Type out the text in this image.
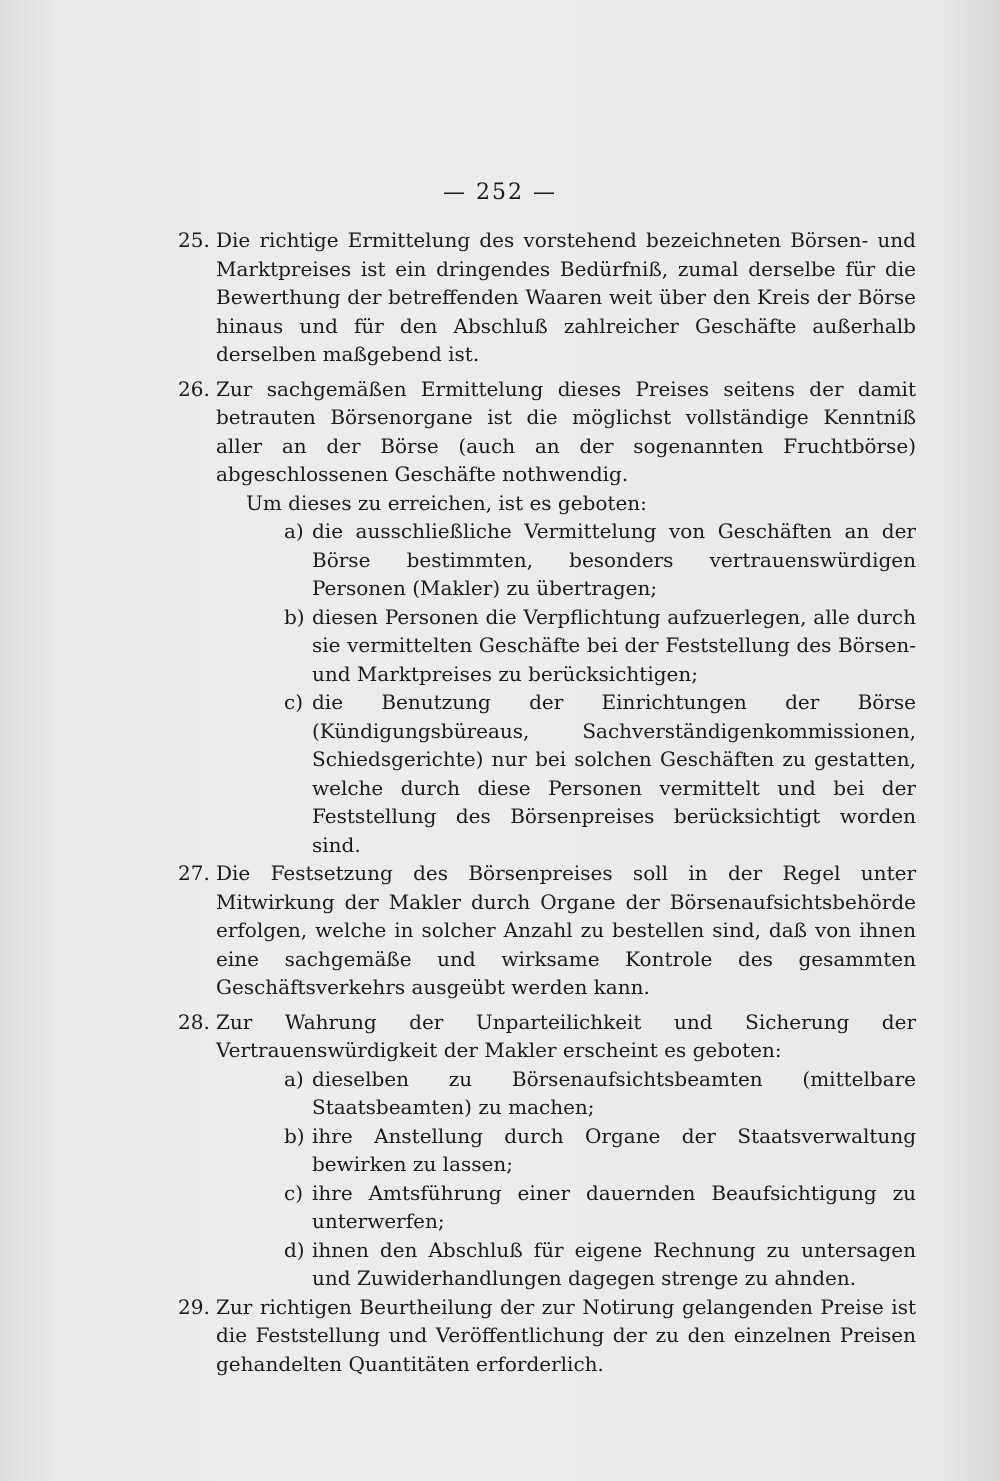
— 252 —
25. Die richtige Ermittelung des vorstehend bezeichneten Börsen- und Marktpreises ist ein dringendes Bedürfniß, zumal derselbe für die Bewerthung der betreffenden Waaren weit über den Kreis der Börse hinaus und für den Abschluß zahlreicher Geschäfte außerhalb derselben maßgebend ist.
26. Zur sachgemäßen Ermittelung dieses Preises seitens der damit betrauten Börsenorgane ist die möglichst vollständige Kenntniß aller an der Börse (auch an der sogenannten Fruchtbörse) abgeschlossenen Geschäfte nothwendig.
Um dieses zu erreichen, ist es geboten:
a) die ausschließliche Vermittelung von Geschäften an der Börse bestimmten, besonders vertrauenswürdigen Personen (Makler) zu übertragen;
b) diesen Personen die Verpflichtung aufzuerlegen, alle durch sie vermittelten Geschäfte bei der Feststellung des Börsen- und Marktpreises zu berücksichtigen;
c) die Benutzung der Einrichtungen der Börse (Kündigungsbüreaus, Sachverständigenkommissionen, Schiedsgerichte) nur bei solchen Geschäften zu gestatten, welche durch diese Personen vermittelt und bei der Feststellung des Börsenpreises berücksichtigt worden sind.
27. Die Festsetzung des Börsenpreises soll in der Regel unter Mitwirkung der Makler durch Organe der Börsenaufsichtsbehörde erfolgen, welche in solcher Anzahl zu bestellen sind, daß von ihnen eine sachgemäße und wirksame Kontrole des gesammten Geschäftsverkehrs ausgeübt werden kann.
28. Zur Wahrung der Unparteilichkeit und Sicherung der Vertrauenswürdigkeit der Makler erscheint es geboten:
a) dieselben zu Börsenaufsichtsbeamten (mittelbare Staatsbeamten) zu machen;
b) ihre Anstellung durch Organe der Staatsverwaltung bewirken zu lassen;
c) ihre Amtsführung einer dauernden Beaufsichtigung zu unterwerfen;
d) ihnen den Abschluß für eigene Rechnung zu untersagen und Zuwiderhandlungen dagegen strenge zu ahnden.
29. Zur richtigen Beurtheilung der zur Notirung gelangenden Preise ist die Feststellung und Veröffentlichung der zu den einzelnen Preisen gehandelten Quantitäten erforderlich.
